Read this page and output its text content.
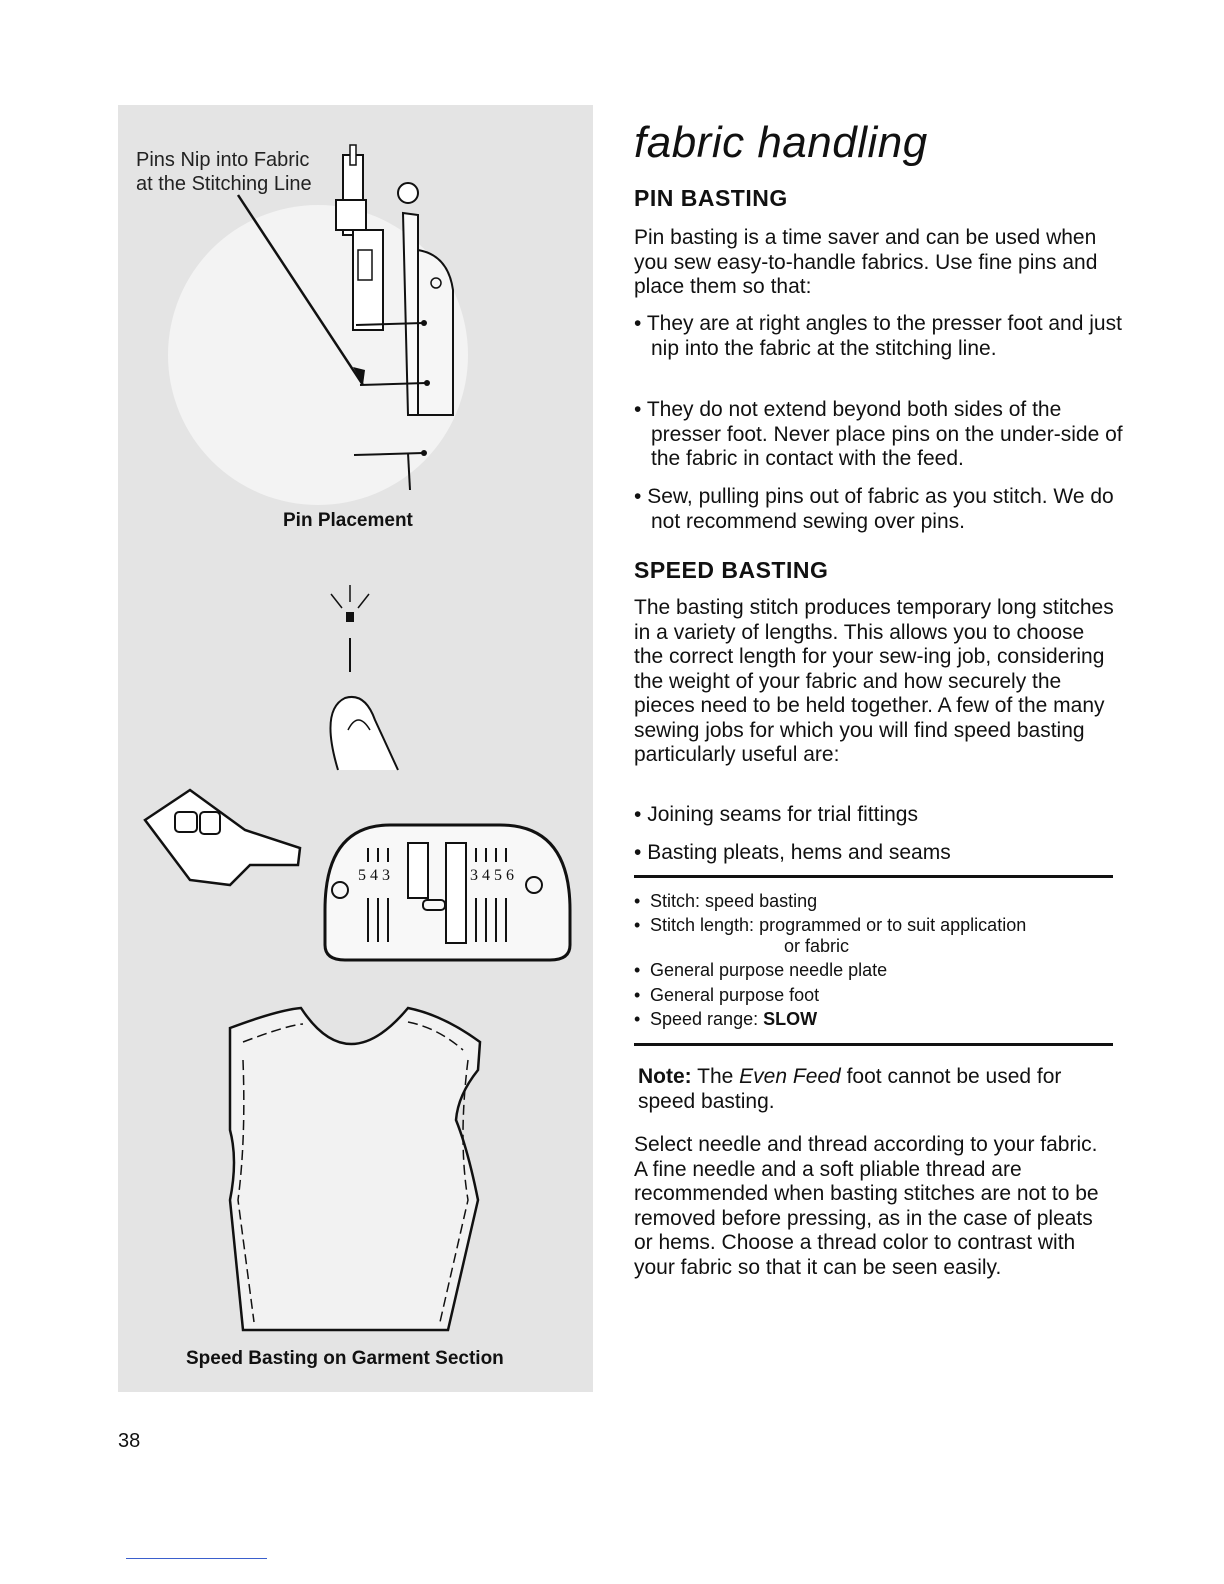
Pins Nip into Fabric
at the Stitching Line
Pin Placement
5 4 3	3 4 5 6
Speed Basting on Garment Section
fabric handling
PIN BASTING

Pin basting is a time saver and can be used when you sew easy-to-handle fabrics. Use fine pins and place them so that:

• They are at right angles to the presser foot and just nip into the fabric at the stitching line.

• They do not extend beyond both sides of the presser foot. Never place pins on the under-side of the fabric in contact with the feed.

• Sew, pulling pins out of fabric as you stitch. We do not recommend sewing over pins.

SPEED BASTING

The basting stitch produces temporary long stitches in a variety of lengths. This allows you to choose the correct length for your sew-ing job, considering the weight of your fabric and how securely the pieces need to be held together. A few of the many sewing jobs for which you will find speed basting particularly useful are:

• Joining seams for trial fittings

• Basting pleats, hems and seams

• Stitch: speed basting
• Stitch length: programmed or to suit application
or fabric
• General purpose needle plate
• General purpose foot
• Speed range: SLOW

Note: The Even Feed foot cannot be used for speed basting.

Select needle and thread according to your fabric. A fine needle and a soft pliable thread are recommended when basting stitches are not to be removed before pressing, as in the case of pleats or hems. Choose a thread color to contrast with your fabric so that it can be seen easily.

38
